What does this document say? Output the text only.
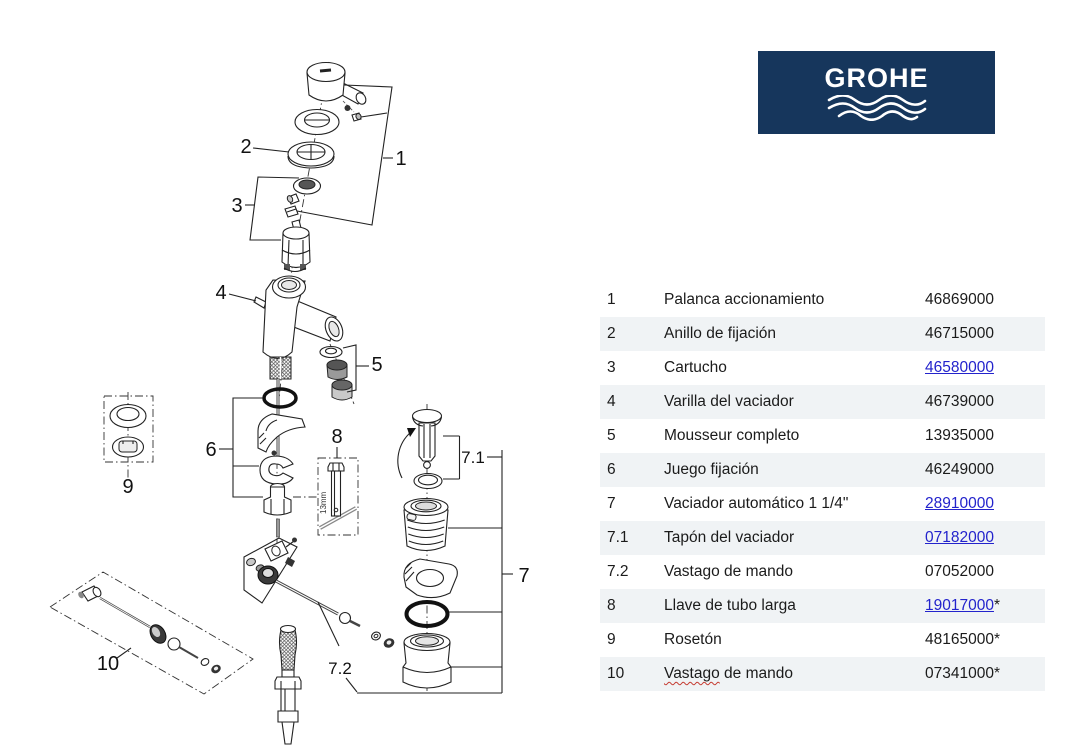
13mm
1
2
3
4
5
6
7
7.1
7.2
8
9
10
GROHE
1	Palanca accionamiento	46869000
2	Anillo de fijación	46715000
3	Cartucho	46580000
4	Varilla del vaciador	46739000
5	Mousseur completo	13935000
6	Juego fijación	46249000
7	Vaciador automático 1 1/4"	28910000
7.1	Tapón del vaciador	07182000
7.2	Vastago de mando	07052000
8	Llave de tubo larga	19017000*
9	Rosetón	48165000*
10	Vastago de mando	07341000*
